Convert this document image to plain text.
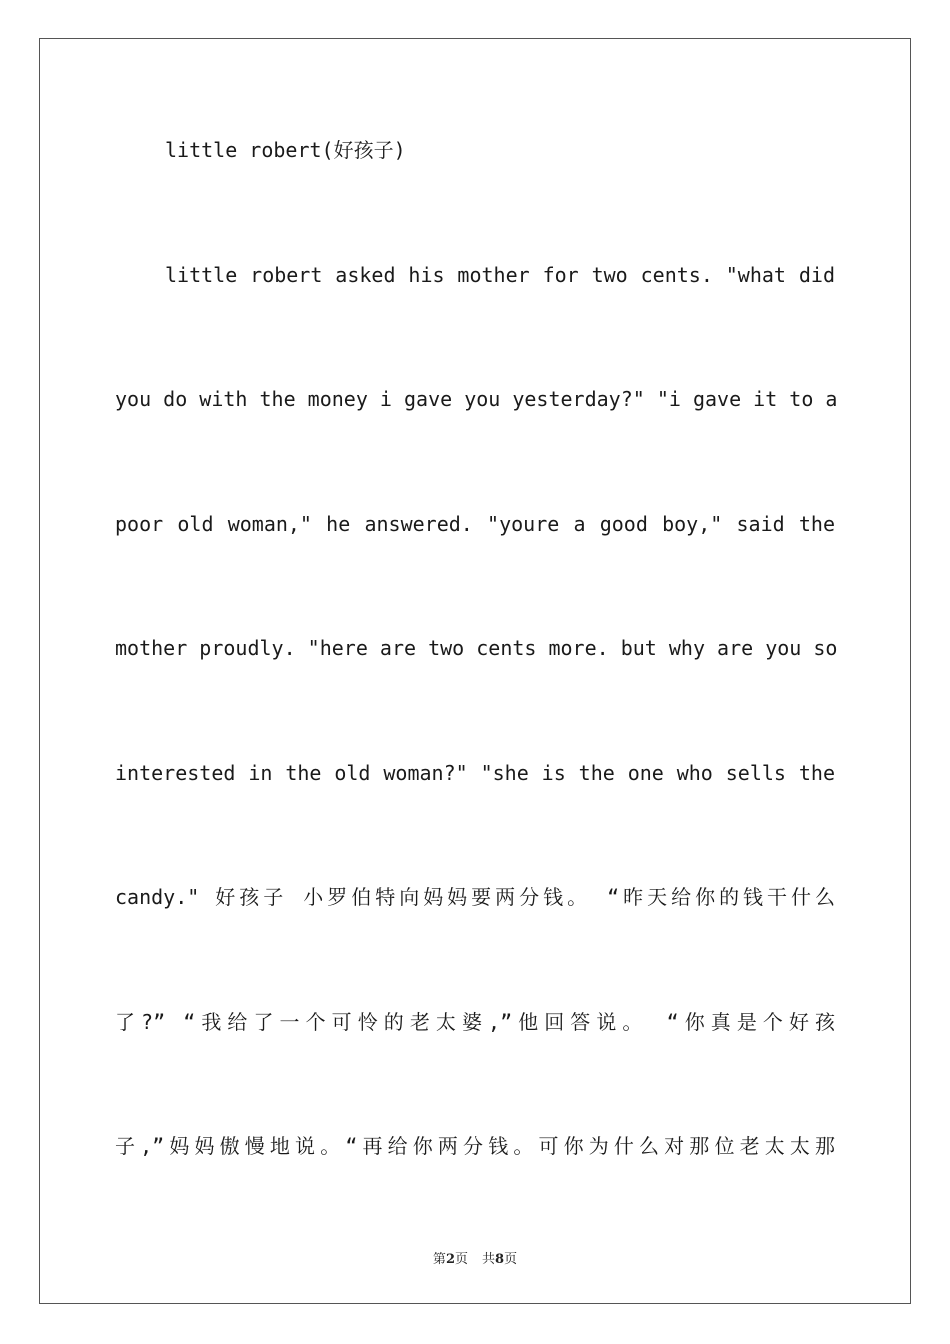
little robert(好孩子)

little robert asked his mother for two cents. "what did

you do with the money i gave you yesterday?" "i gave it to a

poor old woman," he answered. "youre a good boy," said the

mother proudly. "here are two cents more. but why are you so

interested in the old woman?" "she is the one who sells the

candy." 好孩子 小罗伯特向妈妈要两分钱。 “昨天给你的钱干什么

了?” “我给了一个可怜的老太婆,”他回答说。 “你真是个好孩

子,”妈妈傲慢地说。“再给你两分钱。可你为什么对那位老太太那

第2页 共8页
